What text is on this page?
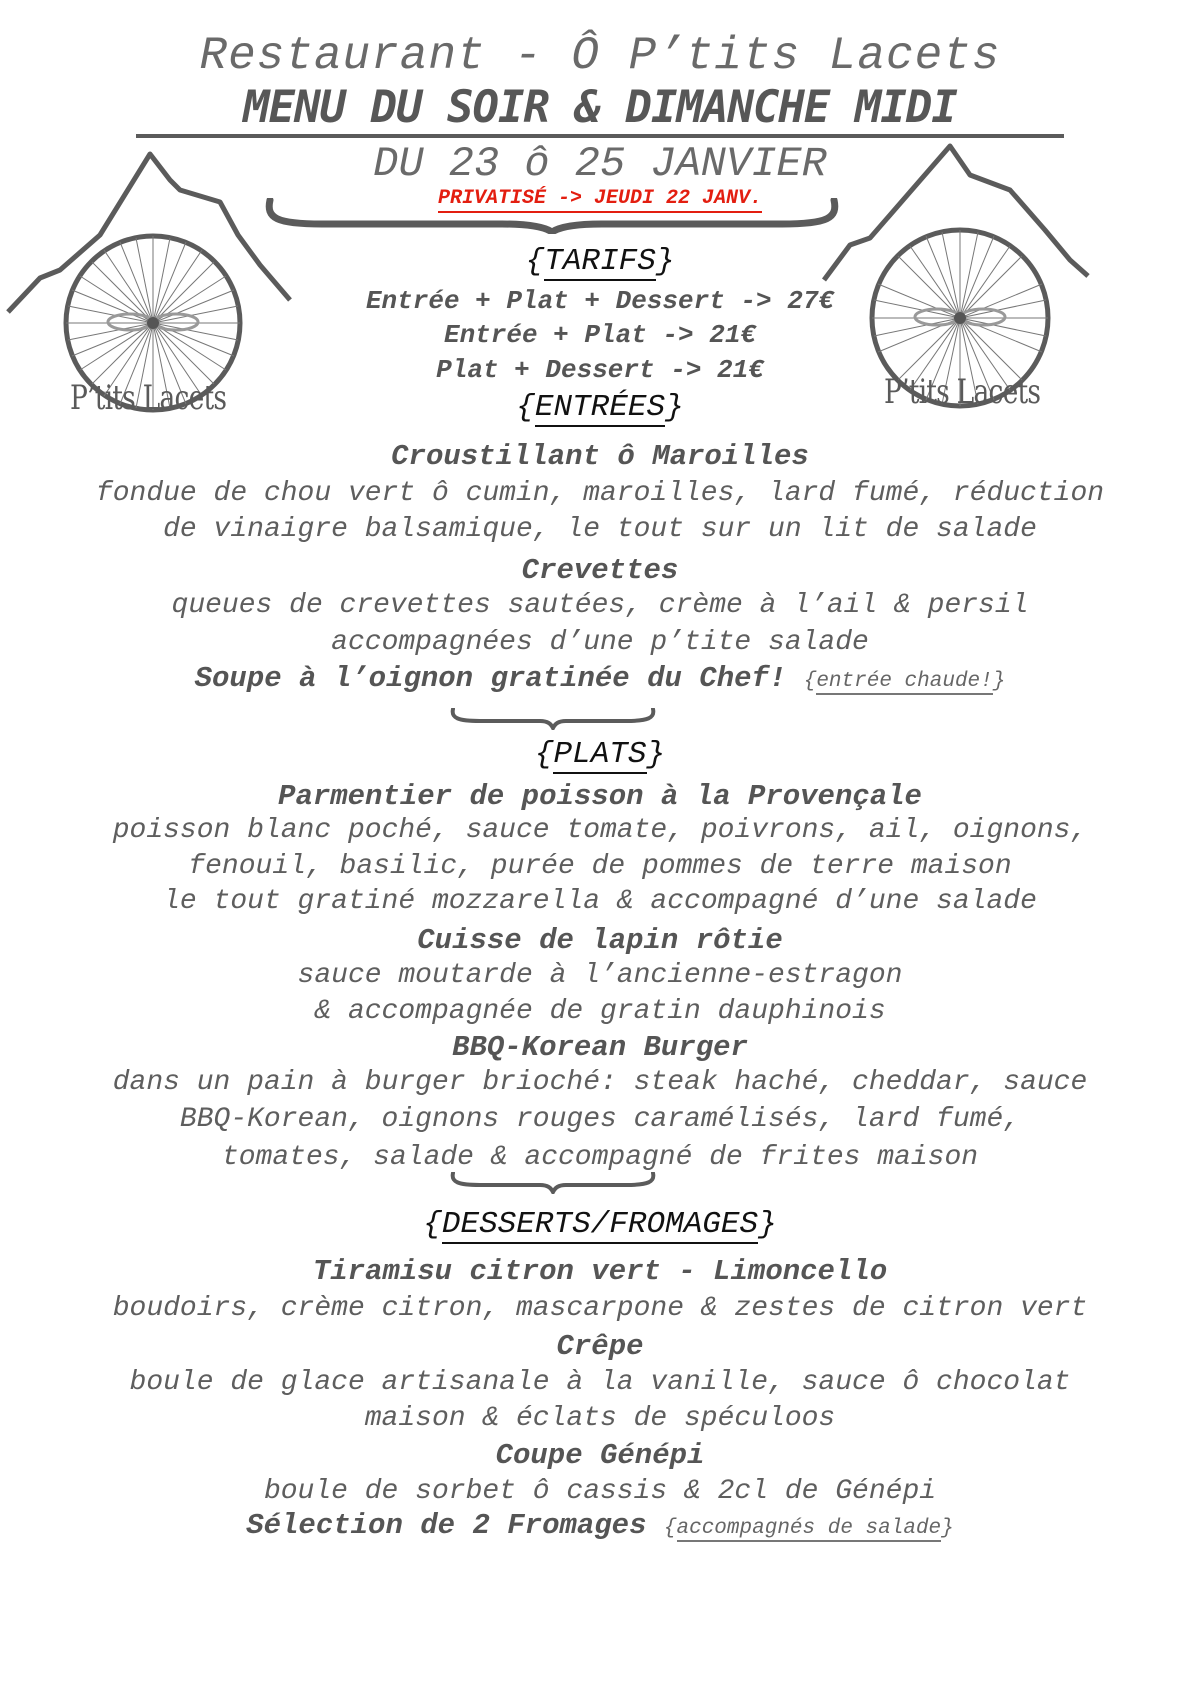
Restaurant - Ô P’tits Lacets
MENU DU SOIR & DIMANCHE MIDI
DU 23 ô 25 JANVIER
PRIVATISÉ -> JEUDI 22 JANV.
P’tits Lacets	P’tits Lacets
{TARIFS}
Entrée + Plat + Dessert -> 27€
Entrée + Plat -> 21€
Plat + Dessert -> 21€
{ENTRÉES}
Croustillant ô Maroilles
fondue de chou vert ô cumin, maroilles, lard fumé, réduction
de vinaigre balsamique, le tout sur un lit de salade
Crevettes
queues de crevettes sautées, crème à l’ail & persil
accompagnées d’une p’tite salade
Soupe à l’oignon gratinée du Chef! {entrée chaude!}
{PLATS}
Parmentier de poisson à la Provençale
poisson blanc poché, sauce tomate, poivrons, ail, oignons,
fenouil, basilic, purée de pommes de terre maison
le tout gratiné mozzarella & accompagné d’une salade
Cuisse de lapin rôtie
sauce moutarde à l’ancienne-estragon
& accompagnée de gratin dauphinois
BBQ-Korean Burger
dans un pain à burger brioché: steak haché, cheddar, sauce
BBQ-Korean, oignons rouges caramélisés, lard fumé,
tomates, salade & accompagné de frites maison
{DESSERTS/FROMAGES}
Tiramisu citron vert - Limoncello
boudoirs, crème citron, mascarpone & zestes de citron vert
Crêpe
boule de glace artisanale à la vanille, sauce ô chocolat
maison & éclats de spéculoos
Coupe Génépi
boule de sorbet ô cassis & 2cl de Génépi
Sélection de 2 Fromages {accompagnés de salade}
